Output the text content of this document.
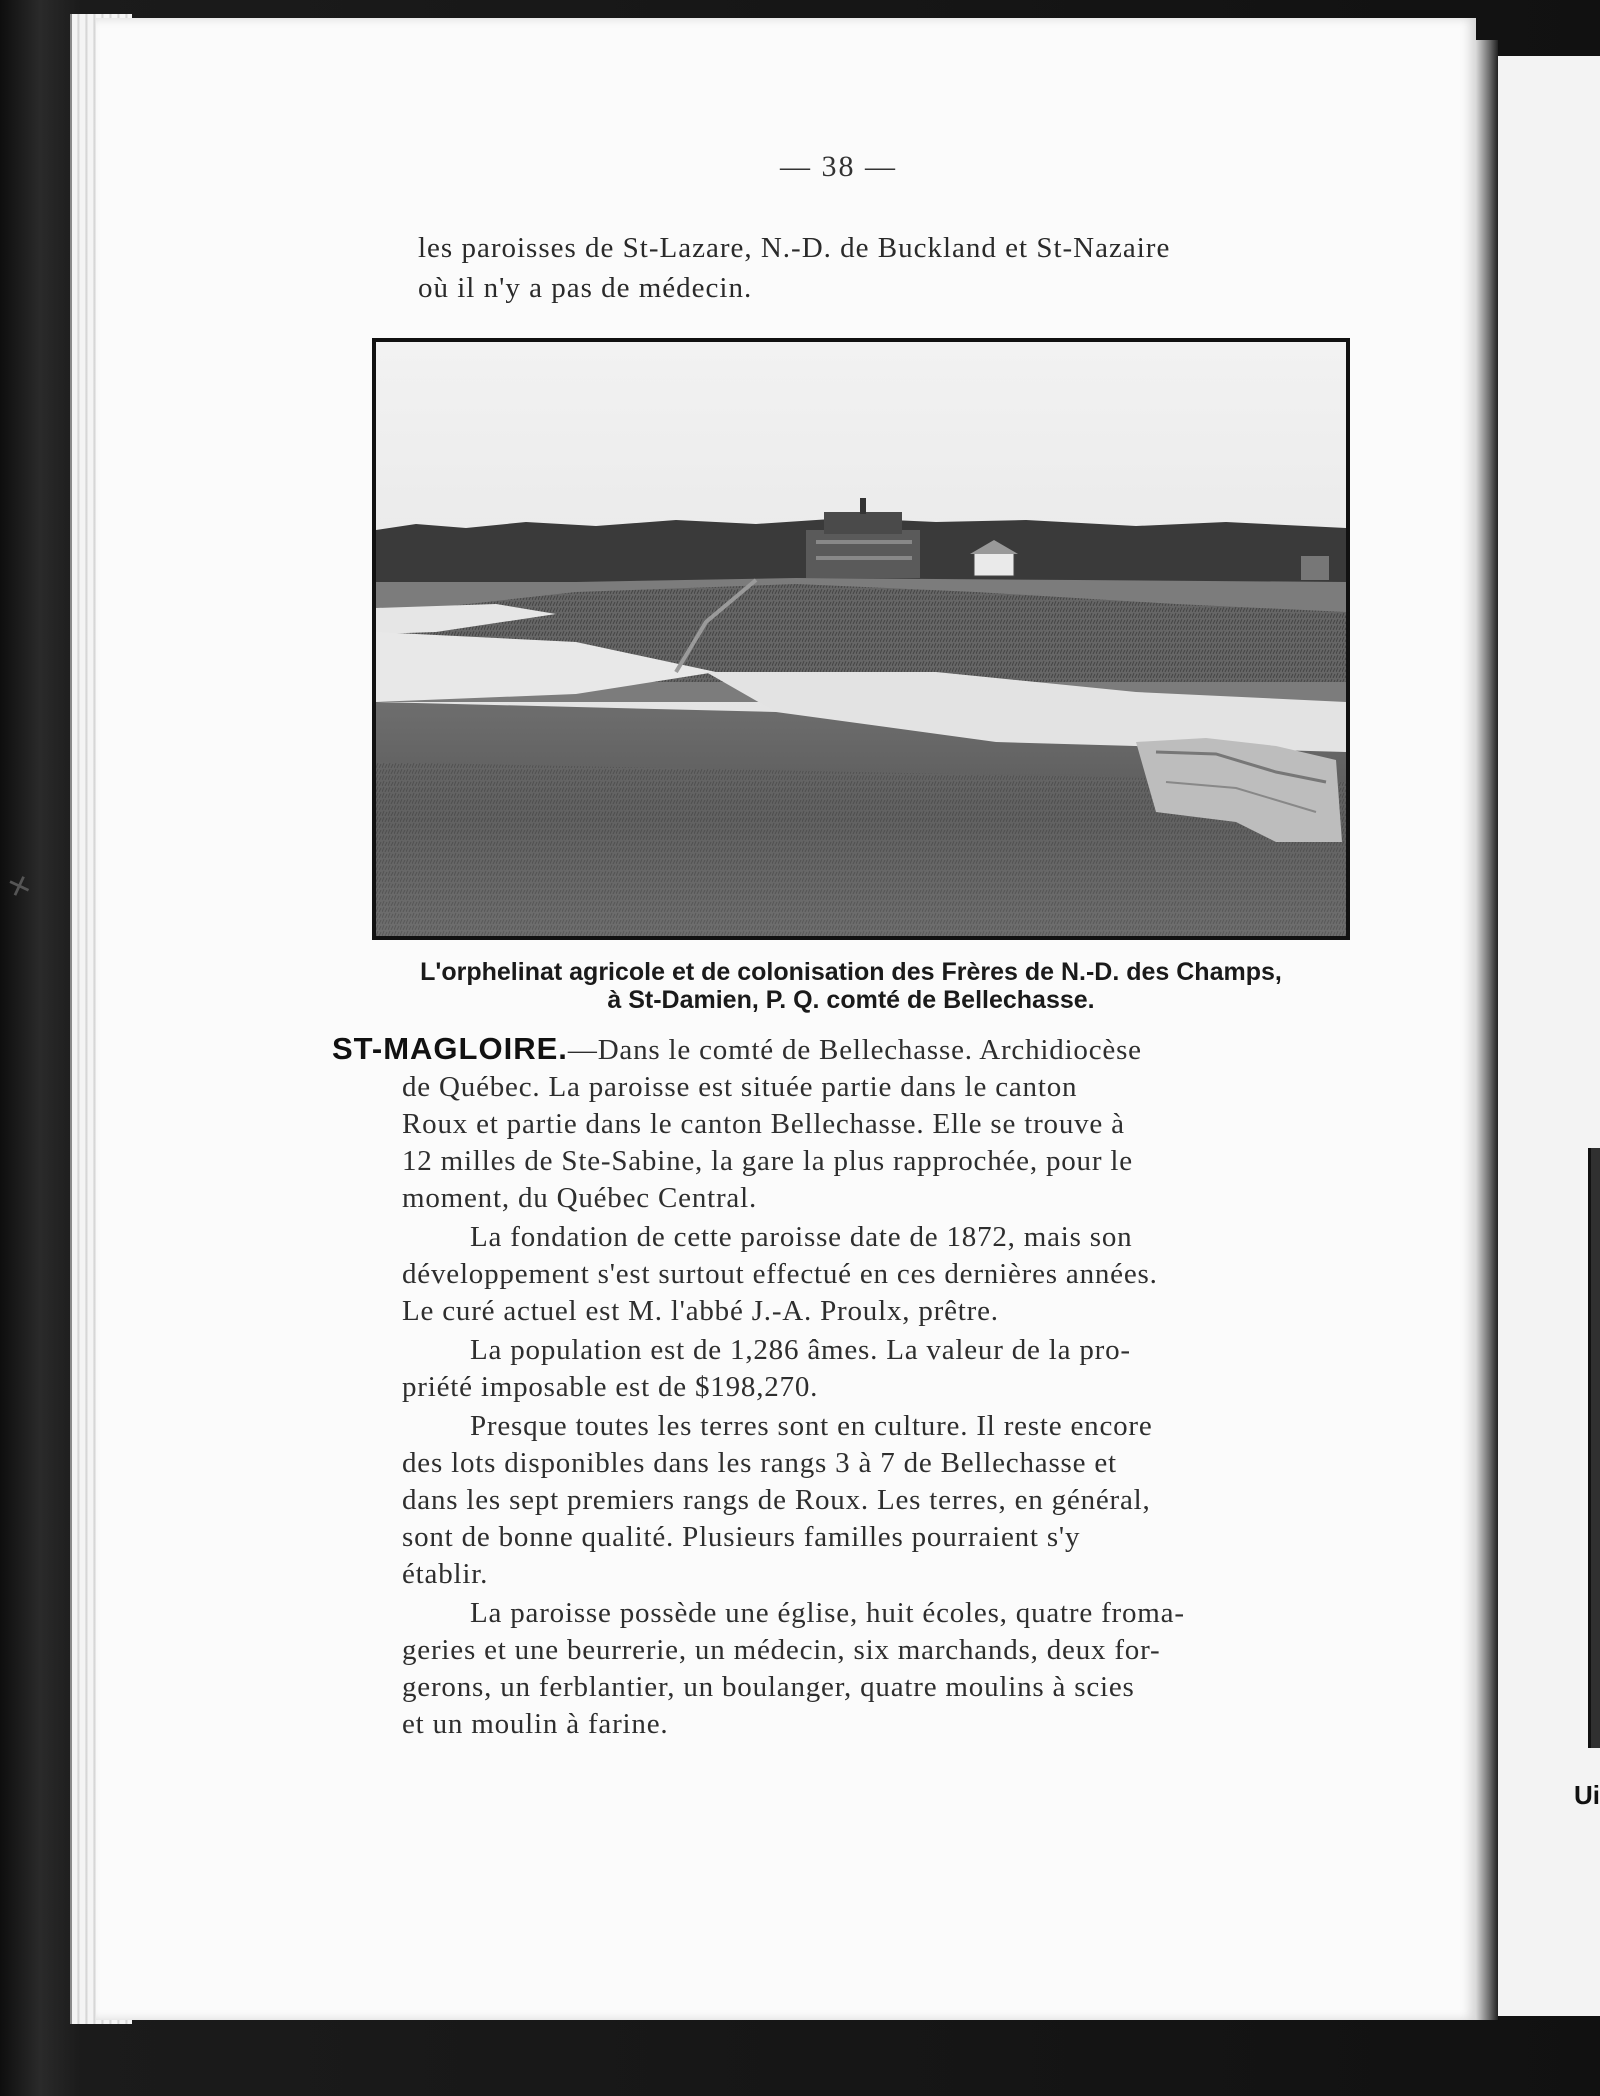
✕
Ui
— 38 —
les paroisses de St-Lazare, N.-D. de Buckland et St-Nazaire
où il n'y a pas de médecin.
L'orphelinat agricole et de colonisation des Frères de N.-D. des Champs,
à St-Damien, P. Q. comté de Bellechasse.
ST-MAGLOIRE.—Dans le comté de Bellechasse. Archidiocèse
de Québec. La paroisse est située partie dans le canton
Roux et partie dans le canton Bellechasse. Elle se trouve à
12 milles de Ste-Sabine, la gare la plus rapprochée, pour le
moment, du Québec Central.
La fondation de cette paroisse date de 1872, mais son
développement s'est surtout effectué en ces dernières années.
Le curé actuel est M. l'abbé J.-A. Proulx, prêtre.
La population est de 1,286 âmes. La valeur de la pro-
priété imposable est de $198,270.
Presque toutes les terres sont en culture. Il reste encore
des lots disponibles dans les rangs 3 à 7 de Bellechasse et
dans les sept premiers rangs de Roux. Les terres, en général,
sont de bonne qualité. Plusieurs familles pourraient s'y
établir.
La paroisse possède une église, huit écoles, quatre froma-
geries et une beurrerie, un médecin, six marchands, deux for-
gerons, un ferblantier, un boulanger, quatre moulins à scies
et un moulin à farine.
